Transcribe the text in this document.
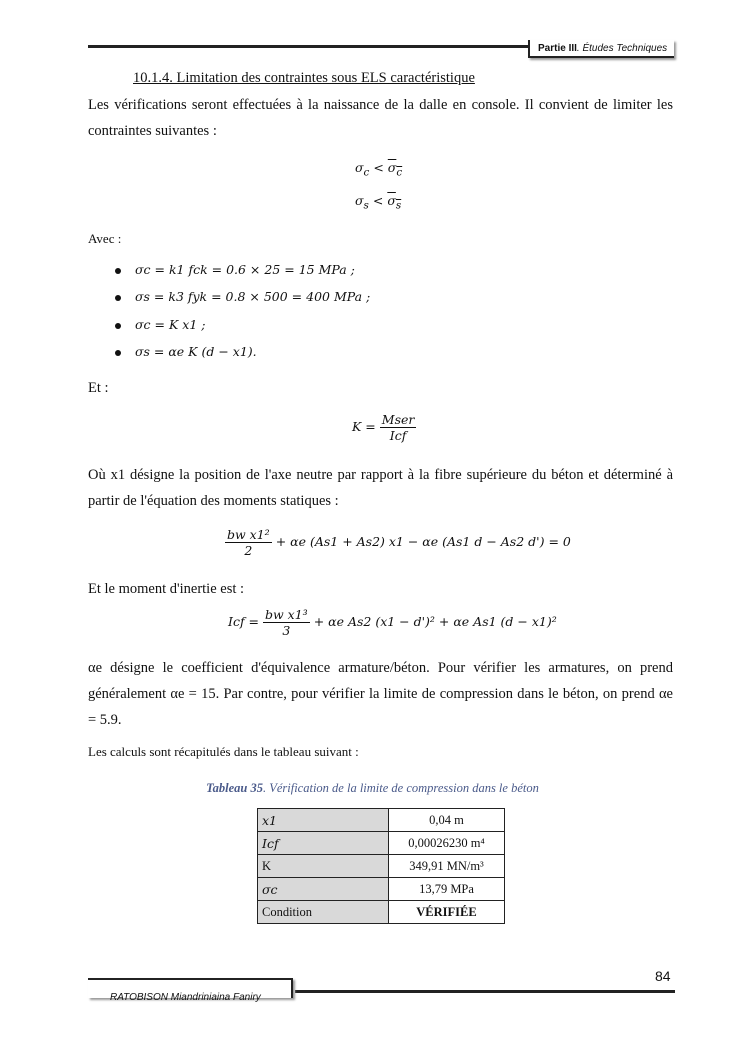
Partie III. Études Techniques
10.1.4. Limitation des contraintes sous ELS caractéristique
Les vérifications seront effectuées à la naissance de la dalle en console. Il convient de limiter les contraintes suivantes :
$\sigma_c < \sigma_c$
$\sigma_s < \sigma_s$
Avec :
σc = k1 fck = 0.6 × 25 = 15 MPa ;
σs = k3 fyk = 0.8 × 500 = 400 MPa ;
σc = K x1 ;
σs = αe K (d − x1).
Et :
$K = \frac{\text{Mser}}{\text{Icf}}$
Où x1 désigne la position de l'axe neutre par rapport à la fibre supérieure du béton et déterminé à partir de l'équation des moments statiques :
$\frac{\text{bw x1²}}{2} + \alpha e$ (As1 + As2) x1 − αe (As1 d − As2 d') = 0
Et le moment d'inertie est :
Icf = $\frac{\text{bw x1³}}{3} + \alpha e$ As2 (x1 − d')² + αe As1 (d − x1)²
αe désigne le coefficient d'équivalence armature/béton. Pour vérifier les armatures, on prend généralement αe = 15. Par contre, pour vérifier la limite de compression dans le béton, on prend αe = 5.9.
Les calculs sont récapitulés dans le tableau suivant :
Tableau 35. Vérification de la limite de compression dans le béton
x1	0,04 m
Icf	0,00026230 m⁴
K	349,91 MN/m³
σc	13,79 MPa
Condition	VÉRIFIÉE
84
RATOBISON Miandriniaina Faniry
